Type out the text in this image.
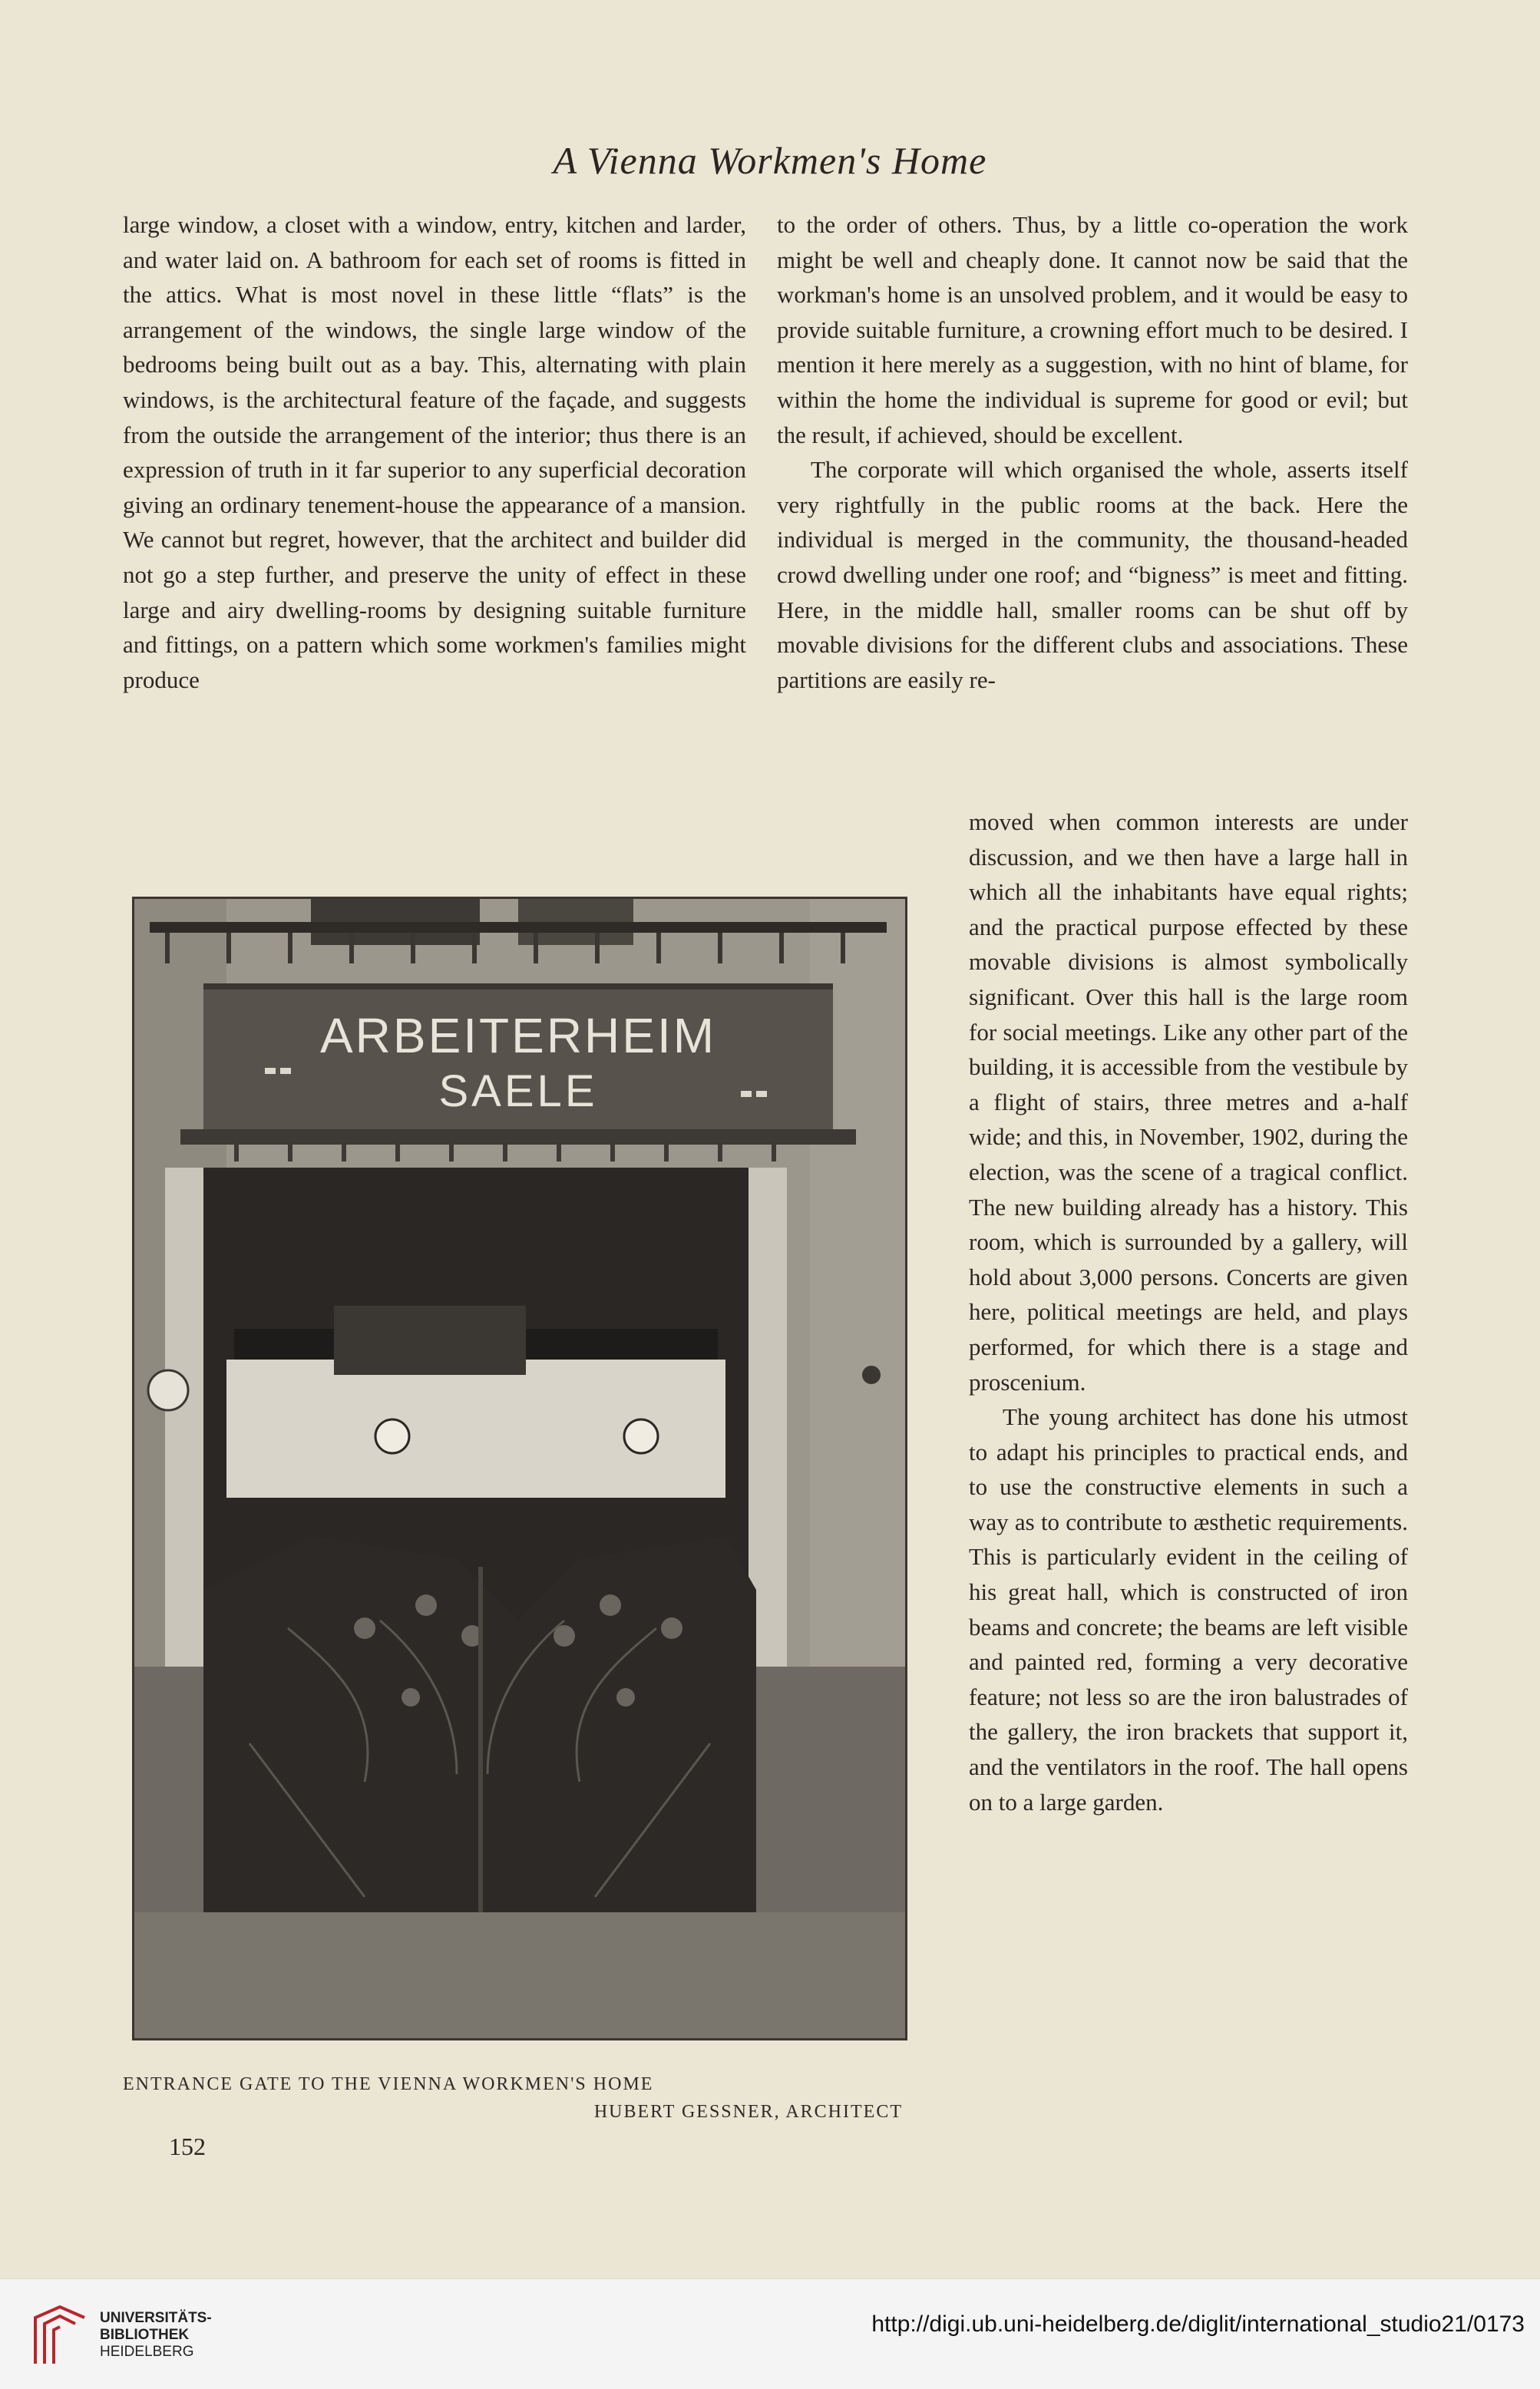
A Vienna Workmen's Home

large window, a closet with a window, entry, kitchen and larder, and water laid on. A bathroom for each set of rooms is fitted in the attics. What is most novel in these little “flats” is the arrangement of the windows, the single large window of the bedrooms being built out as a bay. This, alternating with plain windows, is the architectural feature of the façade, and suggests from the outside the arrangement of the interior; thus there is an expression of truth in it far superior to any superficial decoration giving an ordinary tenement-house the appearance of a mansion. We cannot but regret, however, that the architect and builder did not go a step further, and preserve the unity of effect in these large and airy dwelling-rooms by designing suitable furniture and fittings, on a pattern which some workmen's families might produce

to the order of others. Thus, by a little co-operation the work might be well and cheaply done. It cannot now be said that the workman's home is an unsolved problem, and it would be easy to provide suitable furniture, a crowning effort much to be desired. I mention it here merely as a suggestion, with no hint of blame, for within the home the individual is supreme for good or evil; but the result, if achieved, should be excellent.

The corporate will which organised the whole, asserts itself very rightfully in the public rooms at the back. Here the individual is merged in the community, the thousand-headed crowd dwelling under one roof; and “bigness” is meet and fitting. Here, in the middle hall, smaller rooms can be shut off by movable divisions for the different clubs and associations. These partitions are easily re-

moved when common interests are under discussion, and we then have a large hall in which all the inhabitants have equal rights; and the practical purpose effected by these movable divisions is almost symbolically significant. Over this hall is the large room for social meetings. Like any other part of the building, it is accessible from the vestibule by a flight of stairs, three metres and a-half wide; and this, in November, 1902, during the election, was the scene of a tragical conflict. The new building already has a history. This room, which is surrounded by a gallery, will hold about 3,000 persons. Concerts are given here, political meetings are held, and plays performed, for which there is a stage and proscenium.

The young architect has done his utmost to adapt his principles to practical ends, and to use the constructive elements in such a way as to contribute to æsthetic requirements. This is particularly evident in the ceiling of his great hall, which is constructed of iron beams and concrete; the beams are left visible and painted red, forming a very decorative feature; not less so are the iron balustrades of the gallery, the iron brackets that support it, and the ventilators in the roof. The hall opens on to a large garden.

ARBEITERHEIM
SAELE
ENTRANCE GATE TO THE VIENNA WORKMEN'S HOME
HUBERT GESSNER, ARCHITECT
152
UNIVERSITÄTS-
BIBLIOTHEK
HEIDELBERG
http://digi.ub.uni-heidelberg.de/diglit/international_studio21/0173
